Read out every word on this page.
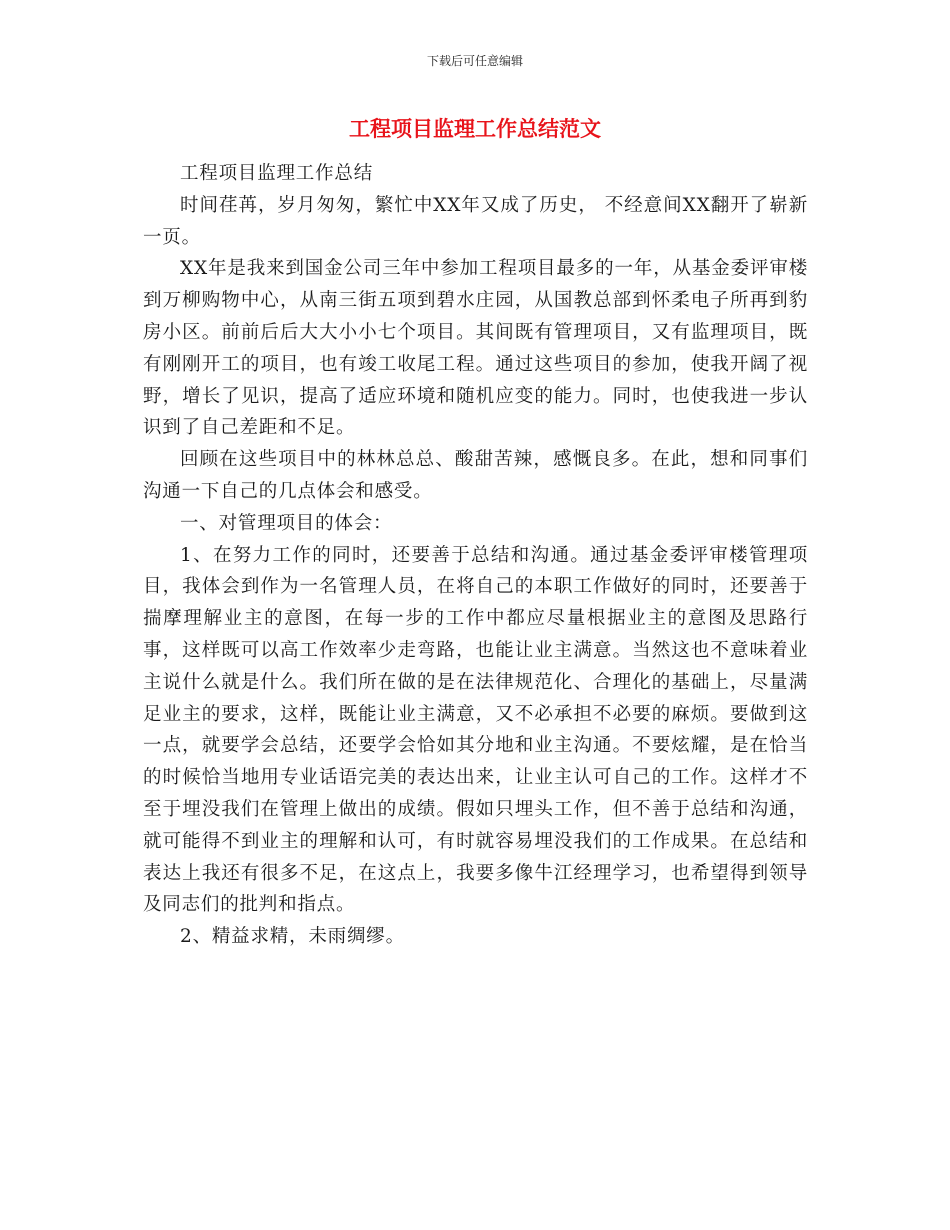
下载后可任意编辑
工程项目监理工作总结范文

工程项目监理工作总结

时间荏苒，岁月匆匆，繁忙中XX年又成了历史， 不经意间XX翻开了崭新一页。

XX年是我来到国金公司三年中参加工程项目最多的一年，从基金委评审楼到万柳购物中心，从南三街五项到碧水庄园，从国教总部到怀柔电子所再到豹房小区。前前后后大大小小七个项目。其间既有管理项目，又有监理项目，既有刚刚开工的项目，也有竣工收尾工程。通过这些项目的参加，使我开阔了视野，增长了见识，提高了适应环境和随机应变的能力。同时，也使我进一步认识到了自己差距和不足。

回顾在这些项目中的林林总总、酸甜苦辣，感慨良多。在此，想和同事们沟通一下自己的几点体会和感受。

一、对管理项目的体会：

1、在努力工作的同时，还要善于总结和沟通。通过基金委评审楼管理项目，我体会到作为一名管理人员，在将自己的本职工作做好的同时，还要善于揣摩理解业主的意图，在每一步的工作中都应尽量根据业主的意图及思路行事，这样既可以高工作效率少走弯路，也能让业主满意。当然这也不意味着业主说什么就是什么。我们所在做的是在法律规范化、合理化的基础上，尽量满足业主的要求，这样，既能让业主满意，又不必承担不必要的麻烦。要做到这一点，就要学会总结，还要学会恰如其分地和业主沟通。不要炫耀，是在恰当的时候恰当地用专业话语完美的表达出来，让业主认可自己的工作。这样才不至于埋没我们在管理上做出的成绩。假如只埋头工作，但不善于总结和沟通，就可能得不到业主的理解和认可，有时就容易埋没我们的工作成果。在总结和表达上我还有很多不足，在这点上，我要多像牛江经理学习，也希望得到领导及同志们的批判和指点。

2、精益求精，未雨绸缪。
